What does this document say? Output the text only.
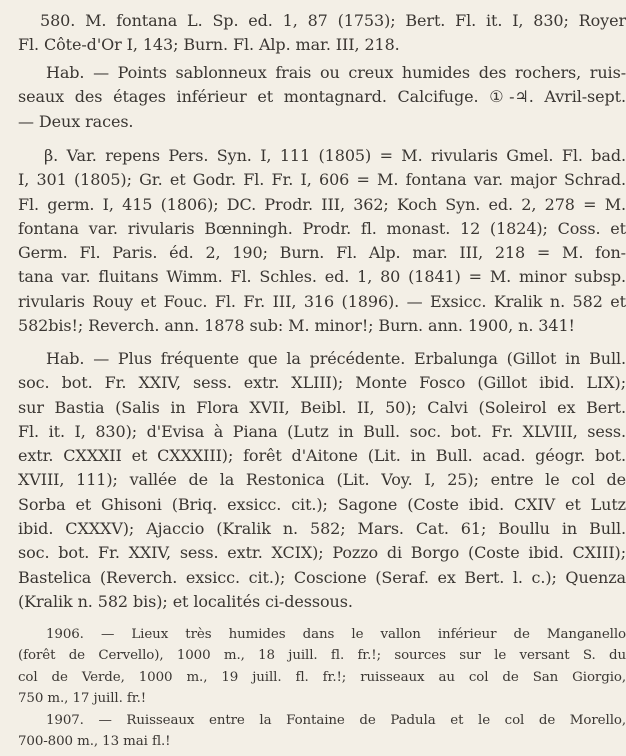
580. M. fontana L. Sp. ed. 1, 87 (1753); Bert. Fl. it. I, 830; Royer
Fl. Côte-d'Or I, 143; Burn. Fl. Alp. mar. III, 218.
Hab. — Points sablonneux frais ou creux humides des rochers, ruis-
seaux des étages inférieur et montagnard. Calcifuge. ①-♃. Avril-sept.
— Deux races.
β. Var. repens Pers. Syn. I, 111 (1805) = M. rivularis Gmel. Fl. bad.
I, 301 (1805); Gr. et Godr. Fl. Fr. I, 606 = M. fontana var. major Schrad.
Fl. germ. I, 415 (1806); DC. Prodr. III, 362; Koch Syn. ed. 2, 278 = M.
fontana var. rivularis Bœnningh. Prodr. fl. monast. 12 (1824); Coss. et
Germ. Fl. Paris. éd. 2, 190; Burn. Fl. Alp. mar. III, 218 = M. fon-
tana var. fluitans Wimm. Fl. Schles. ed. 1, 80 (1841) = M. minor subsp.
rivularis Rouy et Fouc. Fl. Fr. III, 316 (1896). — Exsicc. Kralik n. 582 et
582bis!; Reverch. ann. 1878 sub: M. minor!; Burn. ann. 1900, n. 341!
Hab. — Plus fréquente que la précédente. Erbalunga (Gillot in Bull.
soc. bot. Fr. XXIV, sess. extr. XLIII); Monte Fosco (Gillot ibid. LIX);
sur Bastia (Salis in Flora XVII, Beibl. II, 50); Calvi (Soleirol ex Bert.
Fl. it. I, 830); d'Evisa à Piana (Lutz in Bull. soc. bot. Fr. XLVIII, sess.
extr. CXXXII et CXXXIII); forêt d'Aitone (Lit. in Bull. acad. géogr. bot.
XVIII, 111); vallée de la Restonica (Lit. Voy. I, 25); entre le col de
Sorba et Ghisoni (Briq. exsicc. cit.); Sagone (Coste ibid. CXIV et Lutz
ibid. CXXXV); Ajaccio (Kralik n. 582; Mars. Cat. 61; Boullu in Bull.
soc. bot. Fr. XXIV, sess. extr. XCIX); Pozzo di Borgo (Coste ibid. CXIII);
Bastelica (Reverch. exsicc. cit.); Coscione (Seraf. ex Bert. l. c.); Quenza
(Kralik n. 582 bis); et localités ci-dessous.
1906. — Lieux très humides dans le vallon inférieur de Manganello
(forêt de Cervello), 1000 m., 18 juill. fl. fr.!; sources sur le versant S. du
col de Verde, 1000 m., 19 juill. fl. fr.!; ruisseaux au col de San Giorgio,
750 m., 17 juill. fr.!
1907. — Ruisseaux entre la Fontaine de Padula et le col de Morello,
700-800 m., 13 mai fl.!
